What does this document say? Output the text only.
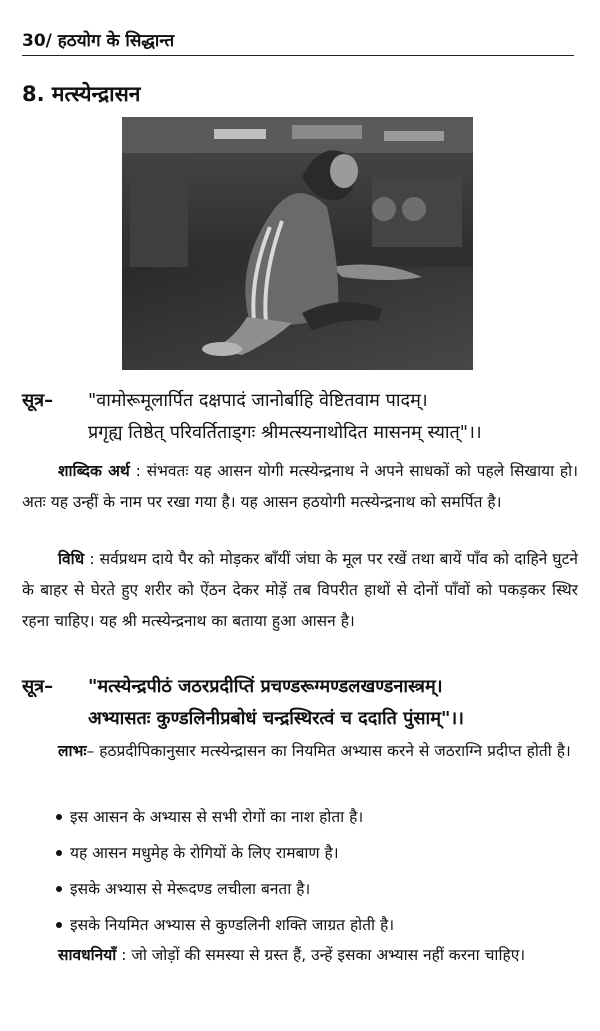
30/ हठयोग के सिद्धान्त
8. मत्स्येन्द्रासन
सूत्र–	"वामोरूमूलार्पित दक्षपादं जानोर्बाहि वेष्टितवाम पादम्।
प्रगृह्य तिष्ठेत् परिवर्तिताड्गः श्रीमत्स्यनाथोदित मासनम् स्यात्"।।
शाब्दिक अर्थ : संभवतः यह आसन योगी मत्स्येन्द्रनाथ ने अपने साधकों को पहले सिखाया हो। अतः यह उन्हीं के नाम पर रखा गया है। यह आसन हठयोगी मत्स्येन्द्रनाथ को समर्पित है।
विधि : सर्वप्रथम दाये पैर को मोड़कर बाँयीं जंघा के मूल पर रखें तथा बायें पाँव को दाहिने घुटने के बाहर से घेरते हुए शरीर को ऐंठन देकर मोड़ें तब विपरीत हाथों से दोनों पाँवों को पकड़कर स्थिर रहना चाहिए। यह श्री मत्स्येन्द्रनाथ का बताया हुआ आसन है।
सूत्र–	"मत्स्येन्द्रपीठं जठरप्रदीप्तिं प्रचण्डरूग्मण्डलखण्डनास्त्रम्।
अभ्यासतः कुण्डलिनीप्रबोधं चन्द्रस्थिरत्वं च ददाति पुंसाम्"।।
लाभः– हठप्रदीपिकानुसार मत्स्येन्द्रासन का नियमित अभ्यास करने से जठराग्नि प्रदीप्त होती है।
इस आसन के अभ्यास से सभी रोगों का नाश होता है।
यह आसन मधुमेह के रोगियों के लिए रामबाण है।
इसके अभ्यास से मेरूदण्ड लचीला बनता है।
इसके नियमित अभ्यास से कुण्डलिनी शक्ति जाग्रत होती है।
सावधनियाँ : जो जोड़ों की समस्या से ग्रस्त हैं, उन्हें इसका अभ्यास नहीं करना चाहिए।
